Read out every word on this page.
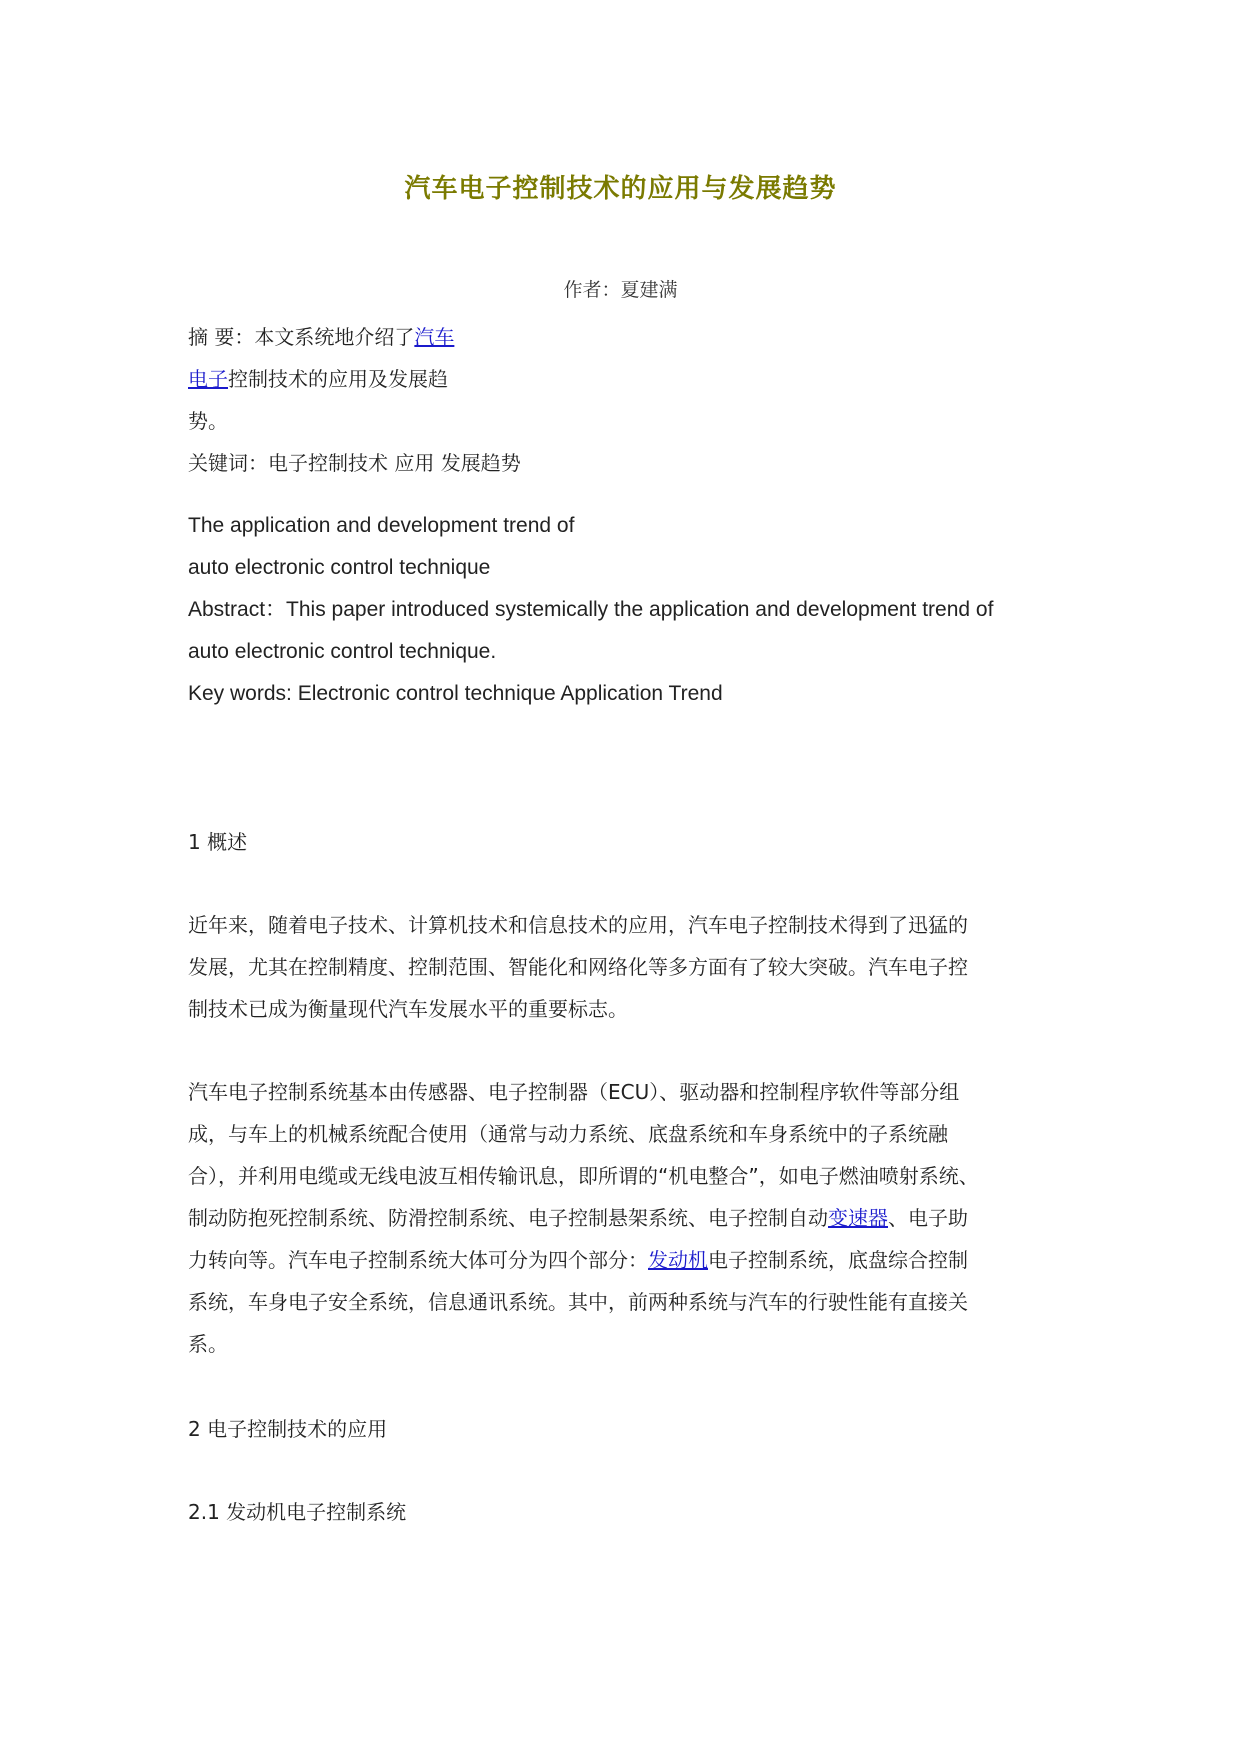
汽车电子控制技术的应用与发展趋势
作者：夏建满
摘 要：本文系统地介绍了汽车
电子控制技术的应用及发展趋
势。
关键词：电子控制技术 应用 发展趋势
The application and development trend of
auto electronic control technique
Abstract：This paper introduced systemically the application and development trend of
auto electronic control technique.
Key words: Electronic control technique Application Trend
1 概述
近年来，随着电子技术、计算机技术和信息技术的应用，汽车电子控制技术得到了迅猛的
发展，尤其在控制精度、控制范围、智能化和网络化等多方面有了较大突破。汽车电子控
制技术已成为衡量现代汽车发展水平的重要标志。
汽车电子控制系统基本由传感器、电子控制器（ECU）、驱动器和控制程序软件等部分组
成，与车上的机械系统配合使用（通常与动力系统、底盘系统和车身系统中的子系统融
合），并利用电缆或无线电波互相传输讯息，即所谓的“机电整合”，如电子燃油喷射系统、
制动防抱死控制系统、防滑控制系统、电子控制悬架系统、电子控制自动变速器、电子助
力转向等。汽车电子控制系统大体可分为四个部分：发动机电子控制系统，底盘综合控制
系统，车身电子安全系统，信息通讯系统。其中，前两种系统与汽车的行驶性能有直接关
系。
2 电子控制技术的应用
2.1 发动机电子控制系统
